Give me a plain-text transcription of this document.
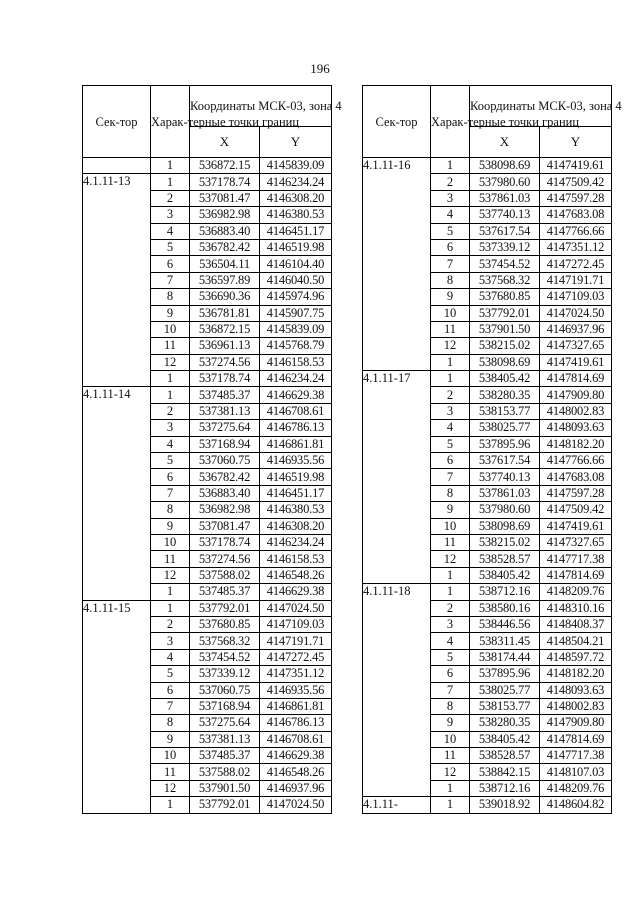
196
Сек-тор	Харак-терные точки границ	Координаты МСК-03, зона 4	
		X	Y
	1	536872.15	4145839.09
4.1.11-13	1	537178.74	4146234.24
	2	537081.47	4146308.20
	3	536982.98	4146380.53
	4	536883.40	4146451.17
	5	536782.42	4146519.98
	6	536504.11	4146104.40
	7	536597.89	4146040.50
	8	536690.36	4145974.96
	9	536781.81	4145907.75
	10	536872.15	4145839.09
	11	536961.13	4145768.79
	12	537274.56	4146158.53
	1	537178.74	4146234.24
4.1.11-14	1	537485.37	4146629.38
	2	537381.13	4146708.61
	3	537275.64	4146786.13
	4	537168.94	4146861.81
	5	537060.75	4146935.56
	6	536782.42	4146519.98
	7	536883.40	4146451.17
	8	536982.98	4146380.53
	9	537081.47	4146308.20
	10	537178.74	4146234.24
	11	537274.56	4146158.53
	12	537588.02	4146548.26
	1	537485.37	4146629.38
4.1.11-15	1	537792.01	4147024.50
	2	537680.85	4147109.03
	3	537568.32	4147191.71
	4	537454.52	4147272.45
	5	537339.12	4147351.12
	6	537060.75	4146935.56
	7	537168.94	4146861.81
	8	537275.64	4146786.13
	9	537381.13	4146708.61
	10	537485.37	4146629.38
	11	537588.02	4146548.26
	12	537901.50	4146937.96
	1	537792.01	4147024.50
Сек-тор	Харак-терные точки границ	Координаты МСК-03, зона 4	
		X	Y
4.1.11-16	1	538098.69	4147419.61
	2	537980.60	4147509.42
	3	537861.03	4147597.28
	4	537740.13	4147683.08
	5	537617.54	4147766.66
	6	537339.12	4147351.12
	7	537454.52	4147272.45
	8	537568.32	4147191.71
	9	537680.85	4147109.03
	10	537792.01	4147024.50
	11	537901.50	4146937.96
	12	538215.02	4147327.65
	1	538098.69	4147419.61
4.1.11-17	1	538405.42	4147814.69
	2	538280.35	4147909.80
	3	538153.77	4148002.83
	4	538025.77	4148093.63
	5	537895.96	4148182.20
	6	537617.54	4147766.66
	7	537740.13	4147683.08
	8	537861.03	4147597.28
	9	537980.60	4147509.42
	10	538098.69	4147419.61
	11	538215.02	4147327.65
	12	538528.57	4147717.38
	1	538405.42	4147814.69
4.1.11-18	1	538712.16	4148209.76
	2	538580.16	4148310.16
	3	538446.56	4148408.37
	4	538311.45	4148504.21
	5	538174.44	4148597.72
	6	537895.96	4148182.20
	7	538025.77	4148093.63
	8	538153.77	4148002.83
	9	538280.35	4147909.80
	10	538405.42	4147814.69
	11	538528.57	4147717.38
	12	538842.15	4148107.03
	1	538712.16	4148209.76
4.1.11-	1	539018.92	4148604.82
